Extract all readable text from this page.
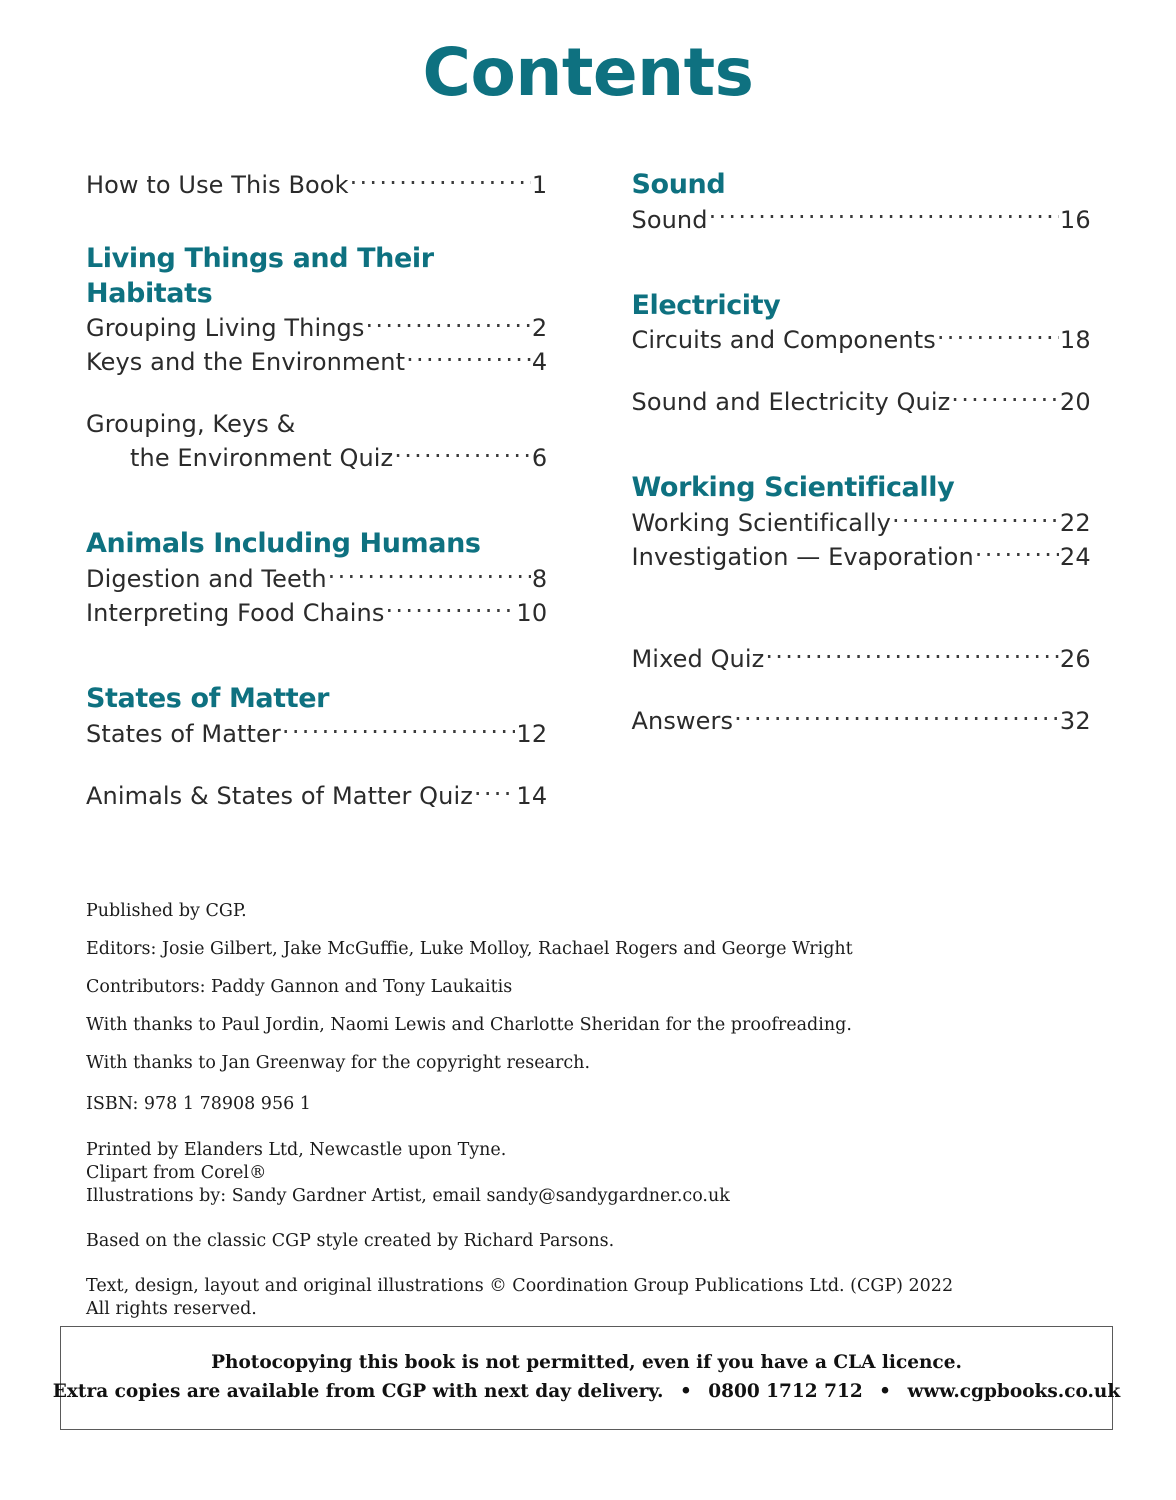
Contents
How to Use This Book .....	1
Living Things and Their Habitats
Grouping Living Things .....	2
Keys and the Environment .....	4
Grouping, Keys &
the Environment Quiz .....	6
Animals Including Humans
Digestion and Teeth .....	8
Interpreting Food Chains .....	10
States of Matter
States of Matter .....	12
Animals & States of Matter Quiz ..... 14
Sound
Sound .....	16
Electricity
Circuits and Components .....	18
Sound and Electricity Quiz .....	20
Working Scientifically
Working Scientifically .....	22
Investigation — Evaporation .....	24
Mixed Quiz .....	26
Answers .....	32

Published by CGP.

Editors: Josie Gilbert, Jake McGuffie, Luke Molloy, Rachael Rogers and George Wright

Contributors: Paddy Gannon and Tony Laukaitis

With thanks to Paul Jordin, Naomi Lewis and Charlotte Sheridan for the proofreading.

With thanks to Jan Greenway for the copyright research.

ISBN: 978 1 78908 956 1

Printed by Elanders Ltd, Newcastle upon Tyne.

Clipart from Corel®

Illustrations by: Sandy Gardner Artist, email sandy@sandygardner.co.uk

Based on the classic CGP style created by Richard Parsons.

Text, design, layout and original illustrations © Coordination Group Publications Ltd. (CGP) 2022

All rights reserved.

Photocopying this book is not permitted, even if you have a CLA licence.
Extra copies are available from CGP with next day delivery. • 0800 1712 712 • www.cgpbooks.co.uk
